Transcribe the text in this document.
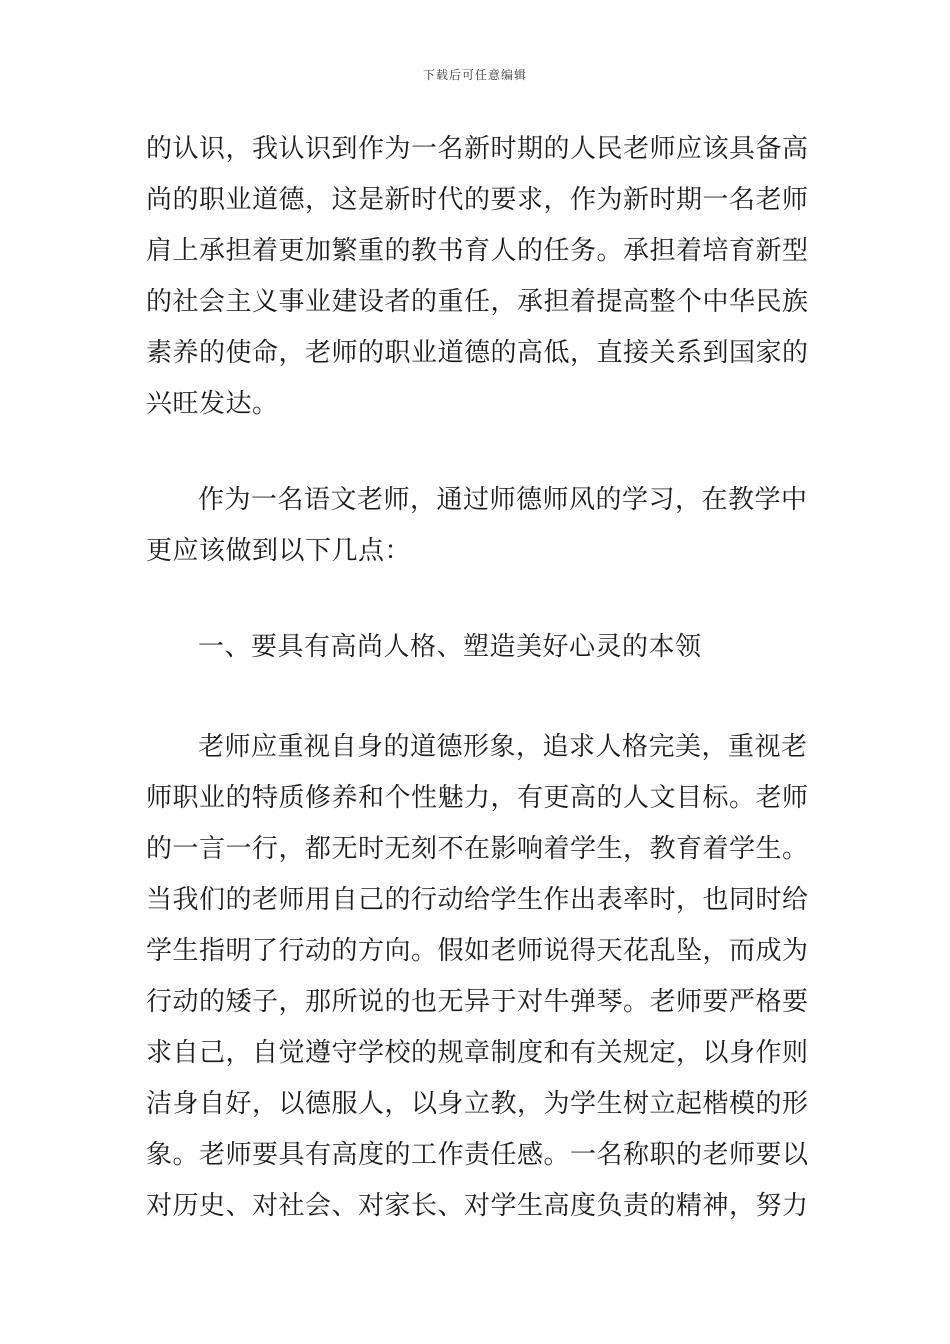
下载后可任意编辑
的认识，我认识到作为一名新时期的人民老师应该具备高
尚的职业道德，这是新时代的要求，作为新时期一名老师
肩上承担着更加繁重的教书育人的任务。承担着培育新型
的社会主义事业建设者的重任，承担着提高整个中华民族
素养的使命，老师的职业道德的高低，直接关系到国家的
兴旺发达。
作为一名语文老师，通过师德师风的学习，在教学中
更应该做到以下几点：
一、要具有高尚人格、塑造美好心灵的本领
老师应重视自身的道德形象，追求人格完美，重视老
师职业的特质修养和个性魅力，有更高的人文目标。老师
的一言一行，都无时无刻不在影响着学生，教育着学生。
当我们的老师用自己的行动给学生作出表率时，也同时给
学生指明了行动的方向。假如老师说得天花乱坠，而成为
行动的矮子，那所说的也无异于对牛弹琴。老师要严格要
求自己，自觉遵守学校的规章制度和有关规定，以身作则
洁身自好，以德服人，以身立教，为学生树立起楷模的形
象。老师要具有高度的工作责任感。一名称职的老师要以
对历史、对社会、对家长、对学生高度负责的精神，努力
